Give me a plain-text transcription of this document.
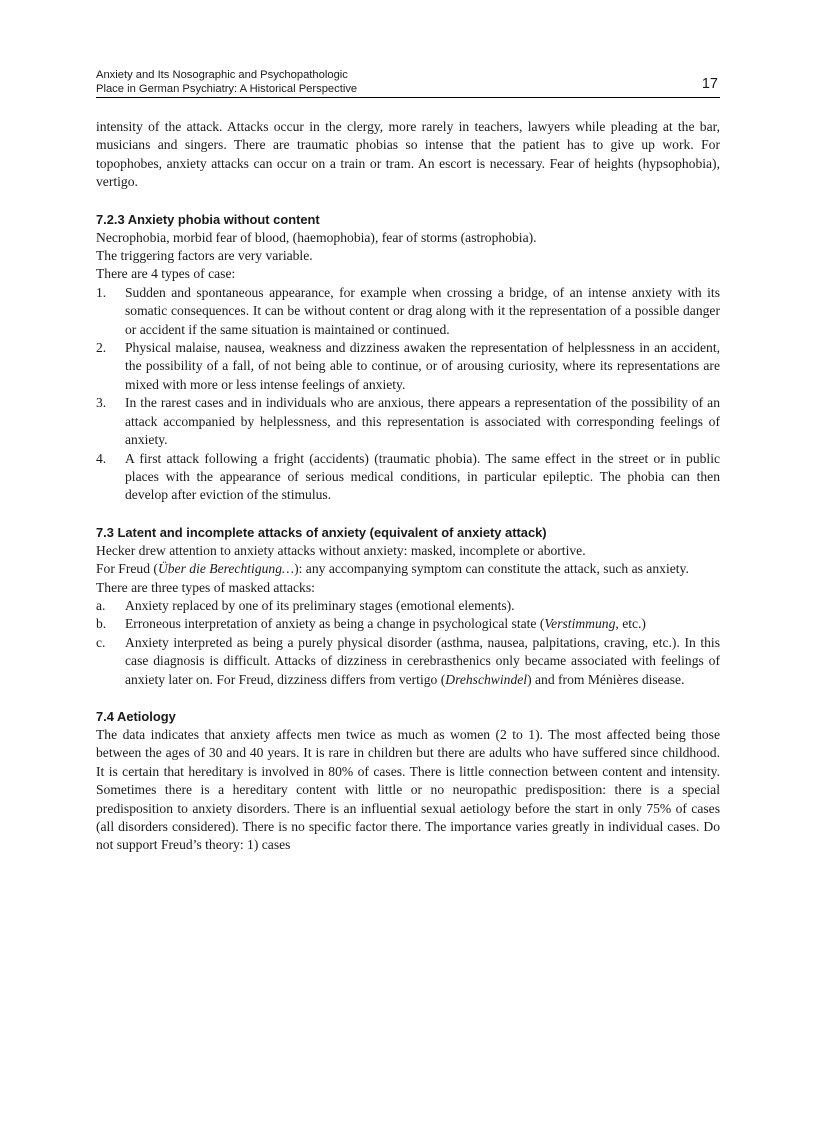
Anxiety and Its Nosographic and Psychopathologic
Place in German Psychiatry: A Historical Perspective	17

intensity of the attack. Attacks occur in the clergy, more rarely in teachers, lawyers while pleading at the bar, musicians and singers. There are traumatic phobias so intense that the patient has to give up work. For topophobes, anxiety attacks can occur on a train or tram. An escort is necessary. Fear of heights (hypsophobia), vertigo.

7.2.3 Anxiety phobia without content
Necrophobia, morbid fear of blood, (haemophobia), fear of storms (astrophobia).
The triggering factors are very variable.
There are 4 types of case:
1. Sudden and spontaneous appearance, for example when crossing a bridge, of an intense anxiety with its somatic consequences. It can be without content or drag along with it the representation of a possible danger or accident if the same situation is maintained or continued.
2. Physical malaise, nausea, weakness and dizziness awaken the representation of helplessness in an accident, the possibility of a fall, of not being able to continue, or of arousing curiosity, where its representations are mixed with more or less intense feelings of anxiety.
3. In the rarest cases and in individuals who are anxious, there appears a representation of the possibility of an attack accompanied by helplessness, and this representation is associated with corresponding feelings of anxiety.
4. A first attack following a fright (accidents) (traumatic phobia). The same effect in the street or in public places with the appearance of serious medical conditions, in particular epileptic. The phobia can then develop after eviction of the stimulus.
7.3 Latent and incomplete attacks of anxiety (equivalent of anxiety attack)
Hecker drew attention to anxiety attacks without anxiety: masked, incomplete or abortive.

For Freud (Über die Berechtigung…): any accompanying symptom can constitute the attack, such as anxiety.

There are three types of masked attacks:
a. Anxiety replaced by one of its preliminary stages (emotional elements).
b. Erroneous interpretation of anxiety as being a change in psychological state (Verstimmung, etc.)
c. Anxiety interpreted as being a purely physical disorder (asthma, nausea, palpitations, craving, etc.). In this case diagnosis is difficult. Attacks of dizziness in cerebrasthenics only became associated with feelings of anxiety later on. For Freud, dizziness differs from vertigo (Drehschwindel) and from Ménières disease.
7.4 Aetiology

The data indicates that anxiety affects men twice as much as women (2 to 1). The most affected being those between the ages of 30 and 40 years. It is rare in children but there are adults who have suffered since childhood. It is certain that hereditary is involved in 80% of cases. There is little connection between content and intensity. Sometimes there is a hereditary content with little or no neuropathic predisposition: there is a special predisposition to anxiety disorders. There is an influential sexual aetiology before the start in only 75% of cases (all disorders considered). There is no specific factor there. The importance varies greatly in individual cases. Do not support Freud’s theory: 1) cases
